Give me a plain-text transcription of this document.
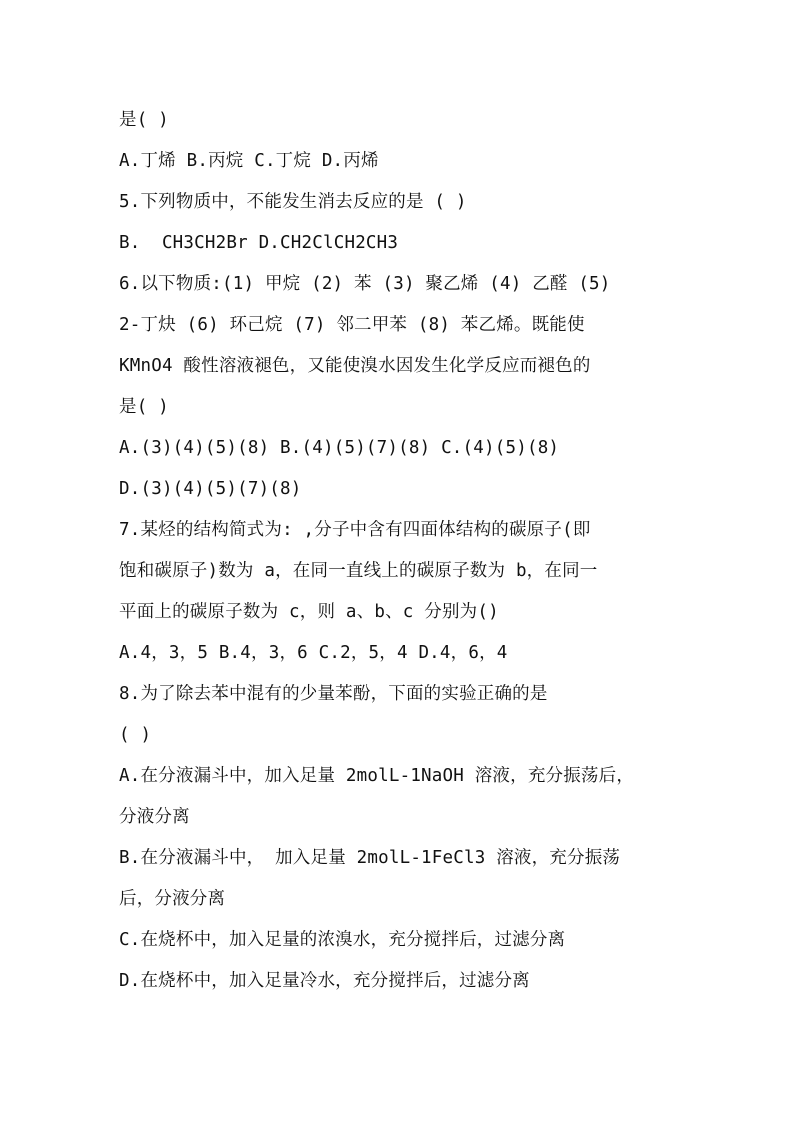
是( )
A.丁烯 B.丙烷 C.丁烷 D.丙烯
5.下列物质中，不能发生消去反应的是 ( )
B.  CH3CH2Br D.CH2ClCH2CH3
6.以下物质:(1) 甲烷 (2) 苯 (3) 聚乙烯 (4) 乙醛 (5)
2-丁炔 (6) 环己烷 (7) 邻二甲苯 (8) 苯乙烯。既能使
KMnO4 酸性溶液褪色，又能使溴水因发生化学反应而褪色的
是( )
A.(3)(4)(5)(8) B.(4)(5)(7)(8) C.(4)(5)(8)
D.(3)(4)(5)(7)(8)
7.某烃的结构简式为: ,分子中含有四面体结构的碳原子(即
饱和碳原子)数为 a，在同一直线上的碳原子数为 b，在同一
平面上的碳原子数为 c，则 a、b、c 分别为()
A.4，3，5 B.4，3，6 C.2，5，4 D.4，6，4
8.为了除去苯中混有的少量苯酚，下面的实验正确的是
( )
A.在分液漏斗中，加入足量 2molL-1NaOH 溶液，充分振荡后，
分液分离
B.在分液漏斗中， 加入足量 2molL-1FeCl3 溶液，充分振荡
后，分液分离
C.在烧杯中，加入足量的浓溴水，充分搅拌后，过滤分离
D.在烧杯中，加入足量冷水，充分搅拌后，过滤分离
